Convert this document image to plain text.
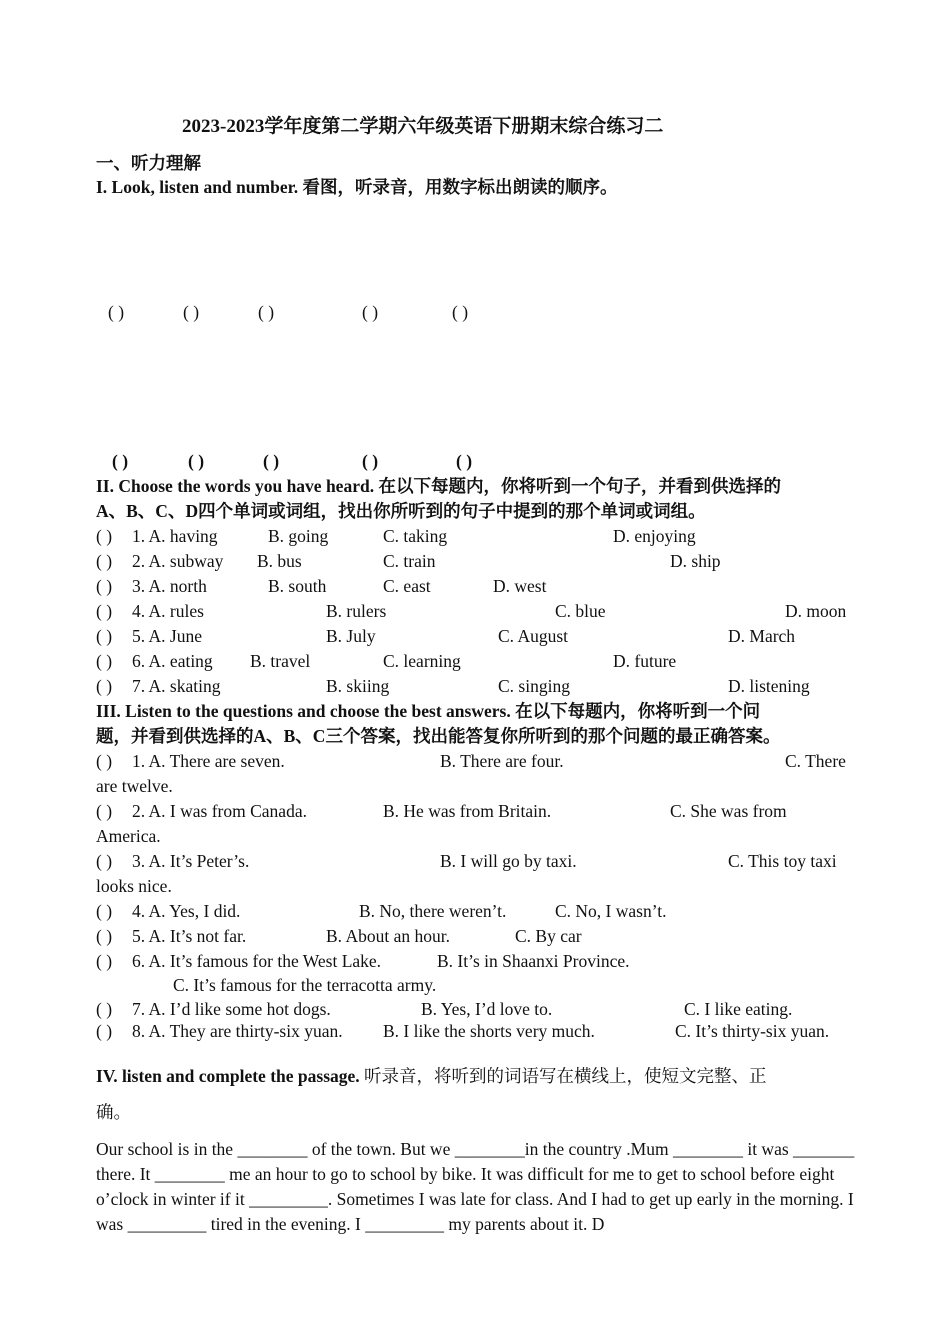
2023-2023学年度第二学期六年级英语下册期末综合练习二
一、听力理解
I. Look, listen and number. 看图，听录音，用数字标出朗读的顺序。
( )	( )	( )	( )	( )
( )	( )	( )	( )	( )
II. Choose the words you have heard. 在以下每题内，你将听到一个句子，并看到供选择的
A、B、C、D四个单词或词组，找出你所听到的句子中提到的那个单词或词组。
( ) 1. A. having	B. going	C. taking	D. enjoying
( ) 2. A. subway B. bus	C. train	D. ship
( ) 3. A. north	B. south	C. east	D. west
( ) 4. A. rules	B. rulers	C. blue	D. moon
( ) 5. A. June	B. July	C. August	D. March
( ) 6. A. eating B. travel	C. learning	D. future
( ) 7. A. skating	B. skiing	C. singing	D. listening
III. Listen to the questions and choose the best answers. 在以下每题内，你将听到一个问
题，并看到供选择的A、B、C三个答案，找出能答复你所听到的那个问题的最正确答案。
( ) 1. A. There are seven.	B. There are four.	C. There
are twelve.
( ) 2. A. I was from Canada.	B. He was from Britain.	C. She was from
America.
( ) 3. A. It’s Peter’s.	B. I will go by taxi.	C. This toy taxi
looks nice.
( ) 4. A. Yes, I did.	B. No, there weren’t.	C. No, I wasn’t.
( ) 5. A. It’s not far.	B. About an hour.	C. By car
( ) 6. A. It’s famous for the West Lake.	B. It’s in Shaanxi Province.
C. It’s famous for the terracotta army.
( ) 7. A. I’d like some hot dogs.	B. Yes, I’d love to.	C. I like eating.
( ) 8. A. They are thirty-six yuan. B. I like the shorts very much.	C. It’s thirty-six yuan.
IV. listen and complete the passage. 听录音，将听到的词语写在横线上，使短文完整、正
确。
Our school is in the ________ of the town. But we ________in the country .Mum ________ it was _______ there. It ________ me an hour to go to school by bike. It was difficult for me to get to school before eight o’clock in winter if it _________. Sometimes I was late for class. And I had to get up early in the morning. I was _________ tired in the evening. I _________ my parents about it. D
